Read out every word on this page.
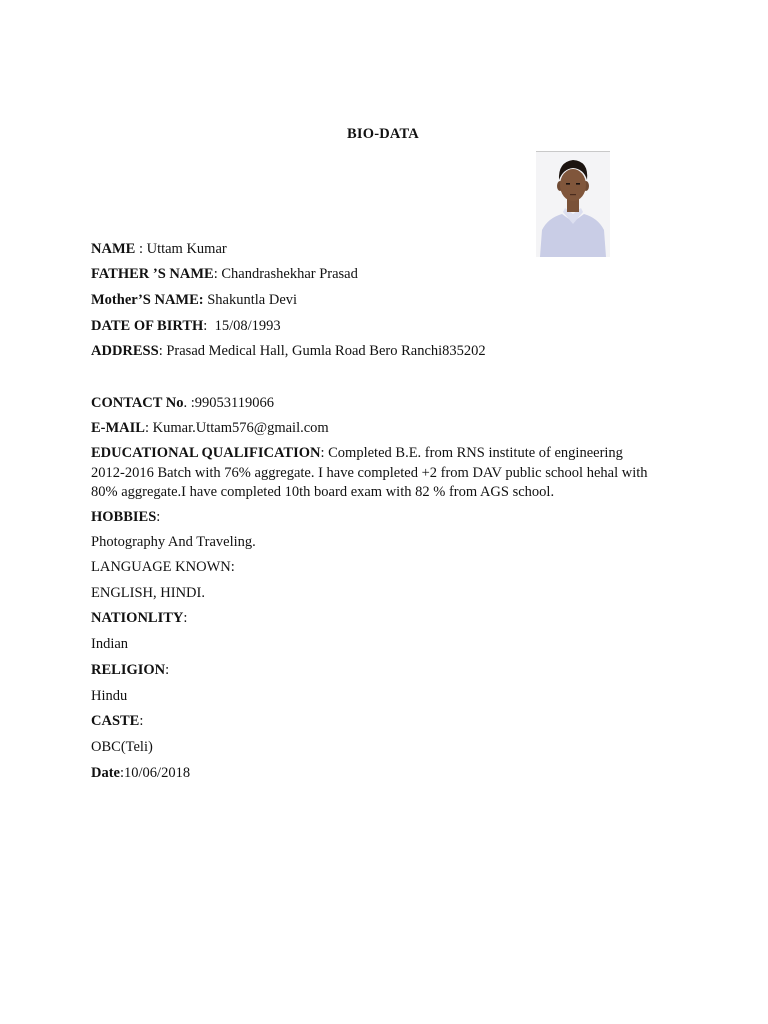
BIO-DATA
NAME : Uttam Kumar
FATHER ’S NAME: Chandrashekhar Prasad
Mother’S NAME: Shakuntla Devi
DATE OF BIRTH:  15/08/1993
ADDRESS: Prasad Medical Hall, Gumla Road Bero Ranchi835202
CONTACT No. :99053119066
E-MAIL: Kumar.Uttam576@gmail.com
EDUCATIONAL QUALIFICATION: Completed B.E. from RNS institute of engineering
2012-2016 Batch with 76% aggregate. I have completed +2 from DAV public school hehal with
80% aggregate.I have completed 10th board exam with 82 % from AGS school.
HOBBIES:
Photography And Traveling.
LANGUAGE KNOWN:
ENGLISH, HINDI.
NATIONLITY:
Indian
RELIGION:
Hindu
CASTE:
OBC(Teli)
Date:10/06/2018
